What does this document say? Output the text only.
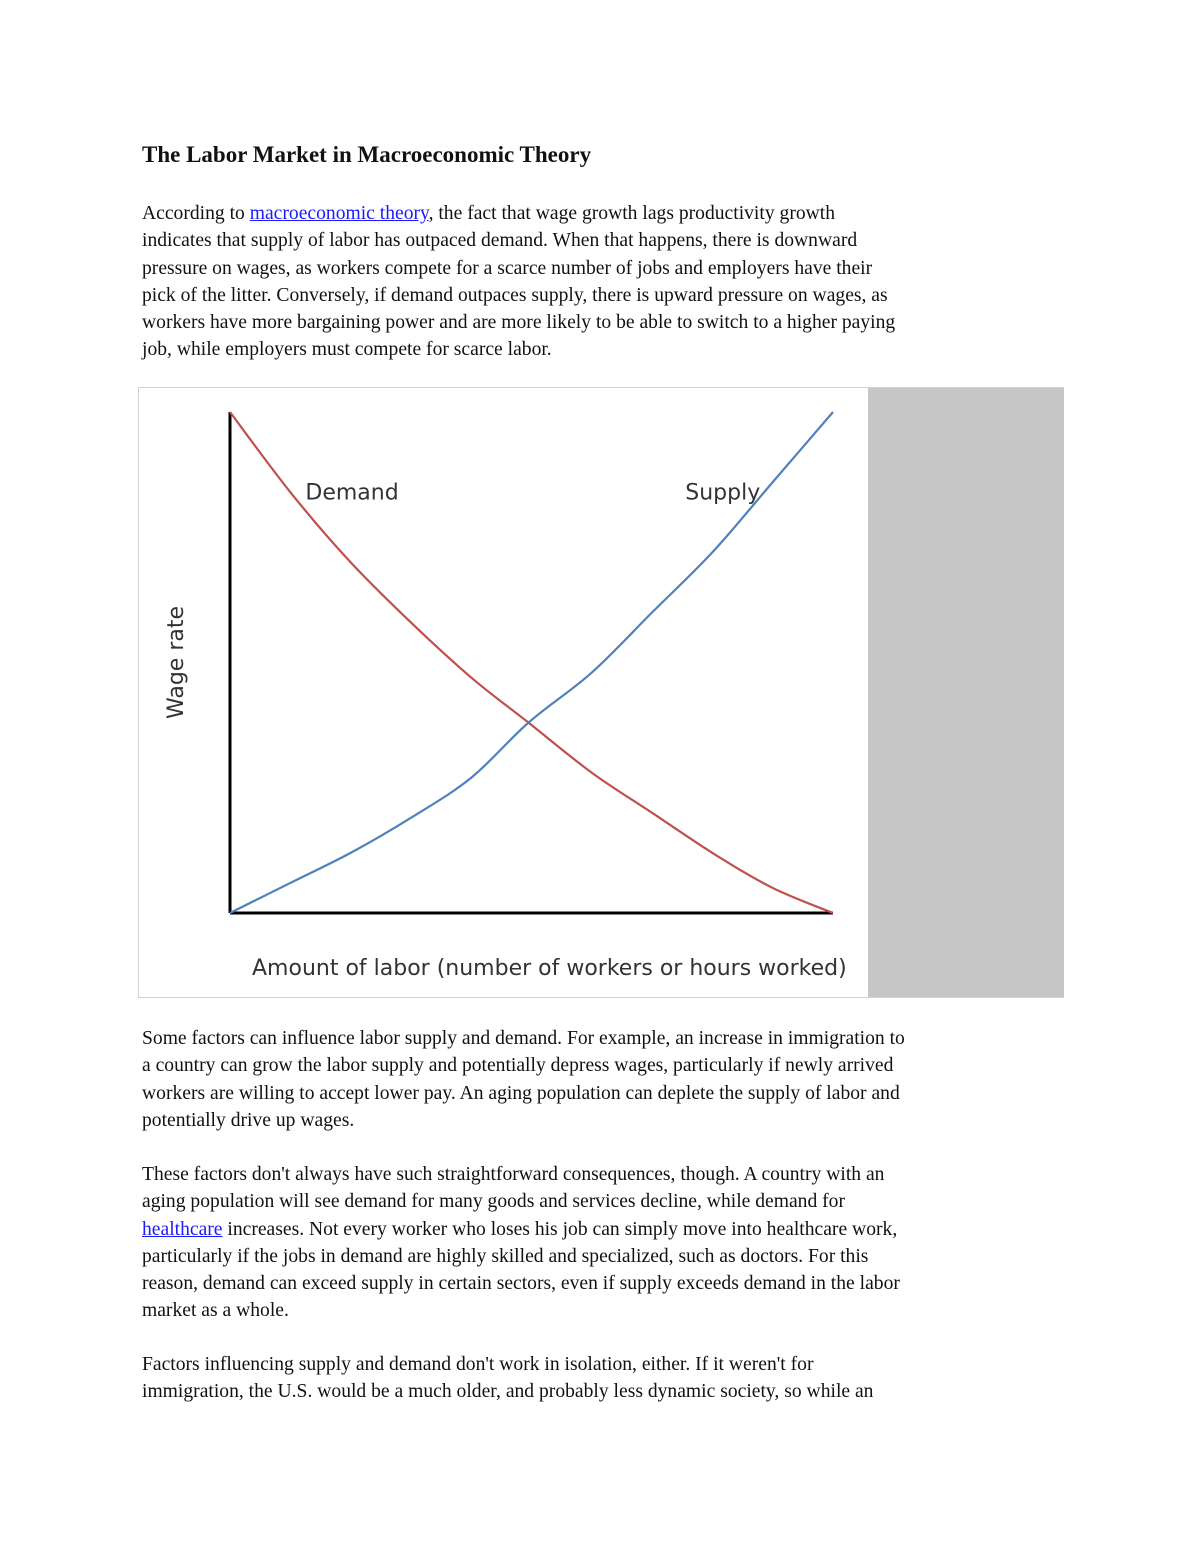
The Labor Market in Macroeconomic Theory

According to macroeconomic theory, the fact that wage growth lags productivity growth
indicates that supply of labor has outpaced demand. When that happens, there is downward
pressure on wages, as workers compete for a scarce number of jobs and employers have their
pick of the litter. Conversely, if demand outpaces supply, there is upward pressure on wages, as
workers have more bargaining power and are more likely to be able to switch to a higher paying
job, while employers must compete for scarce labor.

Demand	Supply
Wage rate
Amount of labor (number of workers or hours worked)

Some factors can influence labor supply and demand. For example, an increase in immigration to
a country can grow the labor supply and potentially depress wages, particularly if newly arrived
workers are willing to accept lower pay. An aging population can deplete the supply of labor and
potentially drive up wages.

These factors don't always have such straightforward consequences, though. A country with an
aging population will see demand for many goods and services decline, while demand for
healthcare increases. Not every worker who loses his job can simply move into healthcare work,
particularly if the jobs in demand are highly skilled and specialized, such as doctors. For this
reason, demand can exceed supply in certain sectors, even if supply exceeds demand in the labor
market as a whole.

Factors influencing supply and demand don't work in isolation, either. If it weren't for
immigration, the U.S. would be a much older, and probably less dynamic society, so while an
